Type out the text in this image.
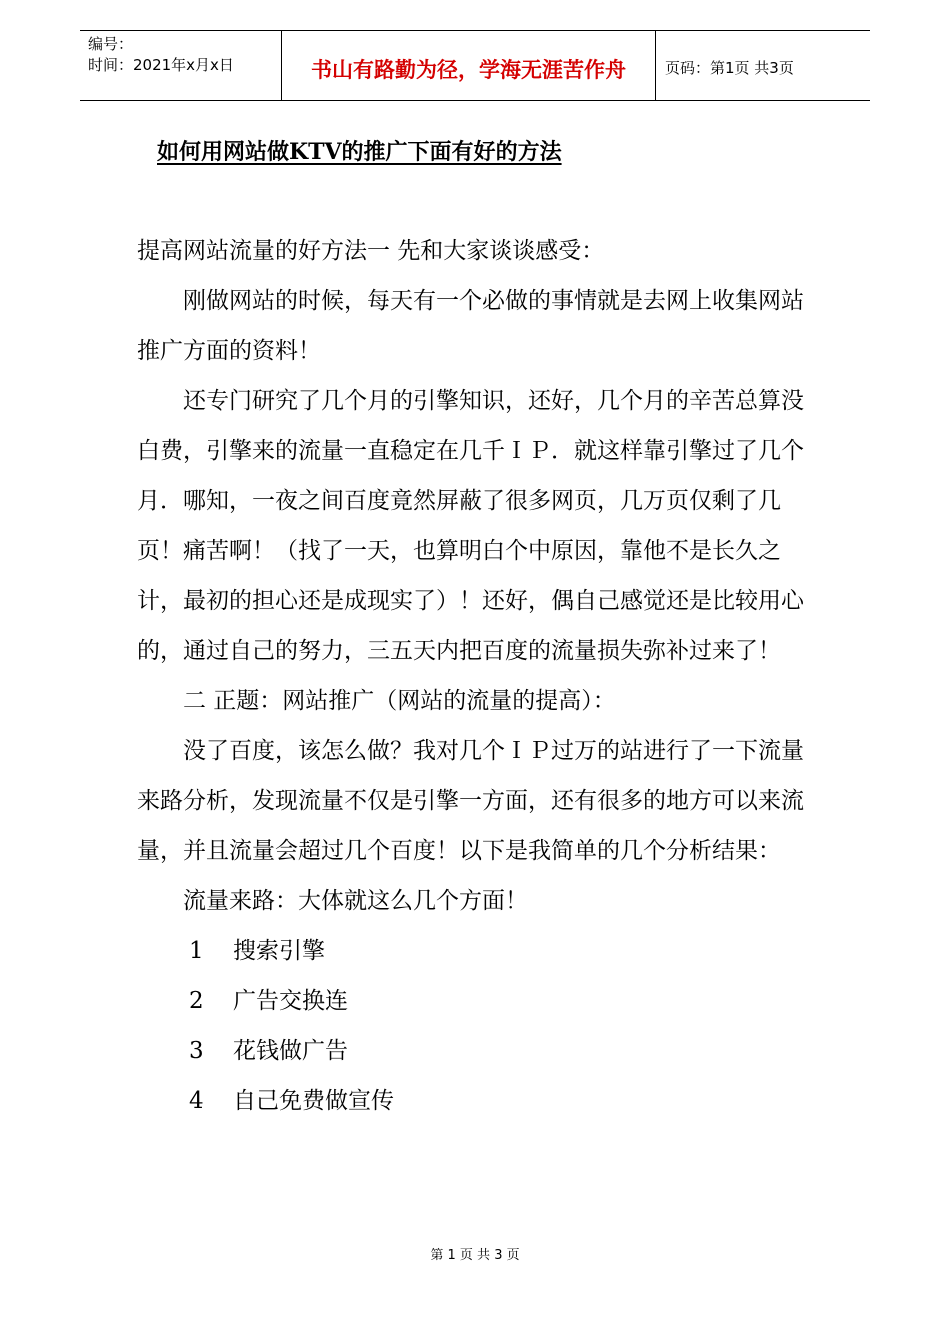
编号：
时间：2021年x月x日	书山有路勤为径，学海无涯苦作舟	页码：第1页 共3页
如何用网站做KTV的推广下面有好的方法

提高网站流量的好方法一 先和大家谈谈感受：

刚做网站的时候，每天有一个必做的事情就是去网上收集网站推广方面的资料！

还专门研究了几个月的引擎知识，还好，几个月的辛苦总算没白费，引擎来的流量一直稳定在几千ＩＰ．就这样靠引擎过了几个月．哪知，一夜之间百度竟然屏蔽了很多网页，几万页仅剩了几页！痛苦啊！（找了一天，也算明白个中原因，靠他不是长久之计，最初的担心还是成现实了）！还好，偶自己感觉还是比较用心的，通过自己的努力，三五天内把百度的流量损失弥补过来了！

二 正题：网站推广（网站的流量的提高）：

没了百度，该怎么做？我对几个ＩＰ过万的站进行了一下流量来路分析，发现流量不仅是引擎一方面，还有很多的地方可以来流量，并且流量会超过几个百度！以下是我简单的几个分析结果：

流量来路：大体就这么几个方面！

1 搜索引擎

2 广告交换连

3 花钱做广告

4 自己免费做宣传

第 1 页 共 3 页
